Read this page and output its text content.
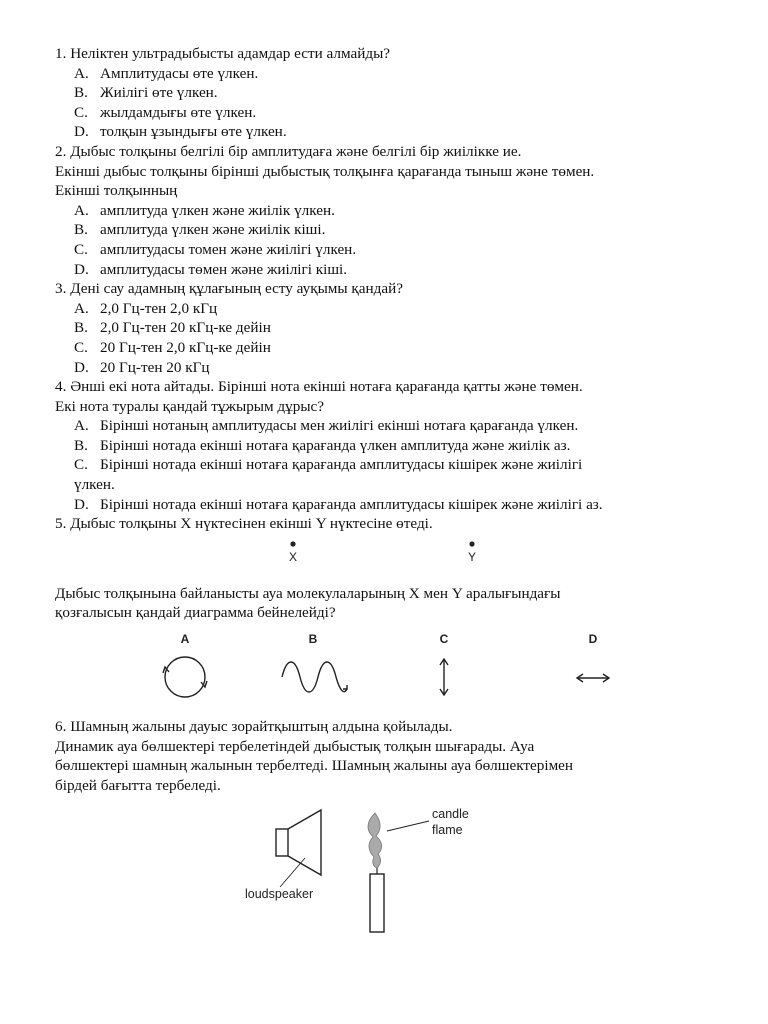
1. Неліктен ультрадыбысты адамдар ести алмайды?
A. Амплитудасы өте үлкен.
B. Жиілігі өте үлкен.
C. жылдамдығы өте үлкен.
D. толқын ұзындығы өте үлкен.
2. Дыбыс толқыны белгілі бір амплитудаға және белгілі бір жиілікке ие.
Екінші дыбыс толқыны бірінші дыбыстық толқынға қарағанда тыныш және төмен.
Екінші толқынның
A. амплитуда үлкен және жиілік үлкен.
B. амплитуда үлкен және жиілік кіші.
C. амплитудасы томен және жиілігі үлкен.
D. амплитудасы төмен және жиілігі кіші.
3. Дені сау адамның құлағының есту ауқымы қандай?
A. 2,0 Гц-тен 2,0 кГц
B. 2,0 Гц-тен 20 кГц-ке дейін
C. 20 Гц-тен 2,0 кГц-ке дейін
D. 20 Гц-тен 20 кГц
4. Әнші екі нота айтады. Бірінші нота екінші нотаға қарағанда қатты және төмен.
Екі нота туралы қандай тұжырым дұрыс?
A. Бірінші нотаның амплитудасы мен жиілігі екінші нотаға қарағанда үлкен.
B. Бірінші нотада екінші нотаға қарағанда үлкен амплитуда және жиілік аз.
C. Бірінші нотада екінші нотаға қарағанда амплитудасы кішірек және жиілігі
үлкен.
D. Бірінші нотада екінші нотаға қарағанда амплитудасы кішірек және жиілігі аз.
5. Дыбыс толқыны X нүктесінен екінші Y нүктесіне өтеді.
X	Y
Дыбыс толқынына байланысты ауа молекулаларының X мен Y аралығындағы
қозғалысын қандай диаграмма бейнелейді?
A	B	C	D
6. Шамның жалыны дауыс зорайтқыштың алдына қойылады.
Динамик ауа бөлшектері тербелетіндей дыбыстық толқын шығарады. Ауа
бөлшектері шамның жалынын тербелтеді. Шамның жалыны ауа бөлшектерімен
бірдей бағытта тербеледі.
loudspeaker
candle
flame
